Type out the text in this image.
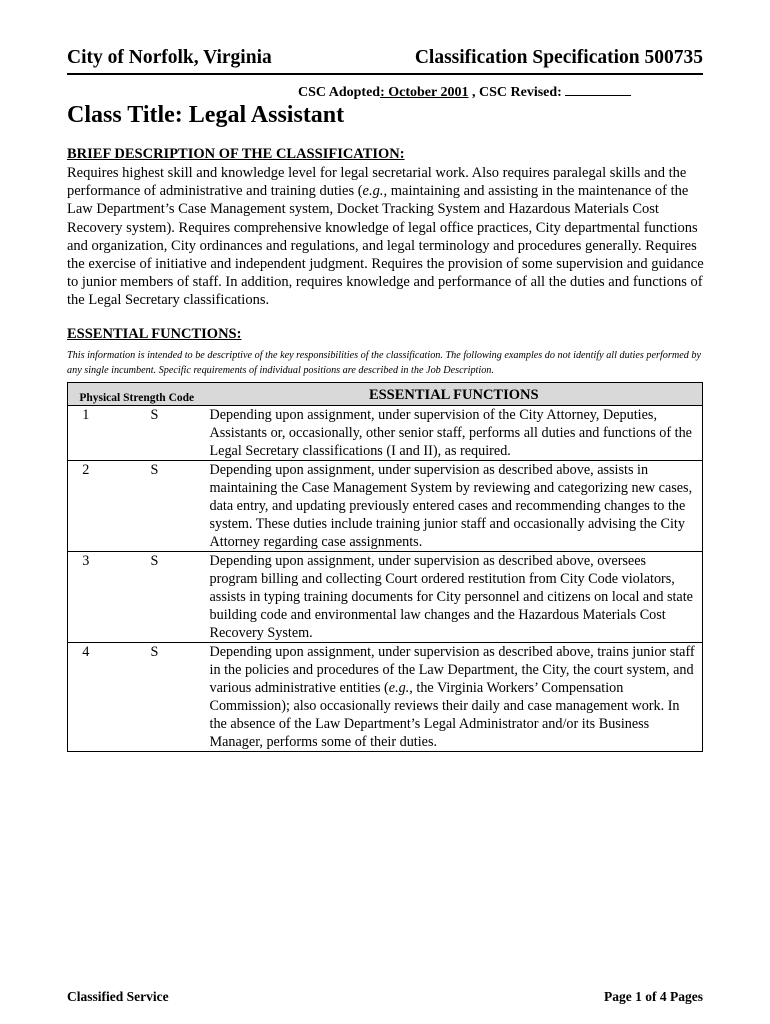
City of Norfolk, Virginia	Classification Specification 500735
CSC Adopted: October 2001 , CSC Revised:
Class Title: Legal Assistant
BRIEF DESCRIPTION OF THE CLASSIFICATION:
Requires highest skill and knowledge level for legal secretarial work. Also requires paralegal skills and the performance of administrative and training duties (e.g., maintaining and assisting in the maintenance of the Law Department’s Case Management system, Docket Tracking System and Hazardous Materials Cost Recovery system). Requires comprehensive knowledge of legal office practices, City departmental functions and organization, City ordinances and regulations, and legal terminology and procedures generally. Requires the exercise of initiative and independent judgment. Requires the provision of some supervision and guidance to junior members of staff. In addition, requires knowledge and performance of all the duties and functions of the Legal Secretary classifications.
ESSENTIAL FUNCTIONS:
This information is intended to be descriptive of the key responsibilities of the classification. The following examples do not identify all duties performed by any single incumbent. Specific requirements of individual positions are described in the Job Description.
Physical Strength Code		ESSENTIAL FUNCTIONS
1	S	Depending upon assignment, under supervision of the City Attorney, Deputies, Assistants or, occasionally, other senior staff, performs all duties and functions of the Legal Secretary classifications (I and II), as required.
2	S	Depending upon assignment, under supervision as described above, assists in maintaining the Case Management System by reviewing and categorizing new cases, data entry, and updating previously entered cases and recommending changes to the system. These duties include training junior staff and occasionally advising the City Attorney regarding case assignments.
3	S	Depending upon assignment, under supervision as described above, oversees program billing and collecting Court ordered restitution from City Code violators, assists in typing training documents for City personnel and citizens on local and state building code and environmental law changes and the Hazardous Materials Cost Recovery System.
4	S	Depending upon assignment, under supervision as described above, trains junior staff in the policies and procedures of the Law Department, the City, the court system, and various administrative entities (e.g., the Virginia Workers’ Compensation Commission); also occasionally reviews their daily and case management work. In the absence of the Law Department’s Legal Administrator and/or its Business Manager, performs some of their duties.
Classified Service	Page 1 of 4 Pages
